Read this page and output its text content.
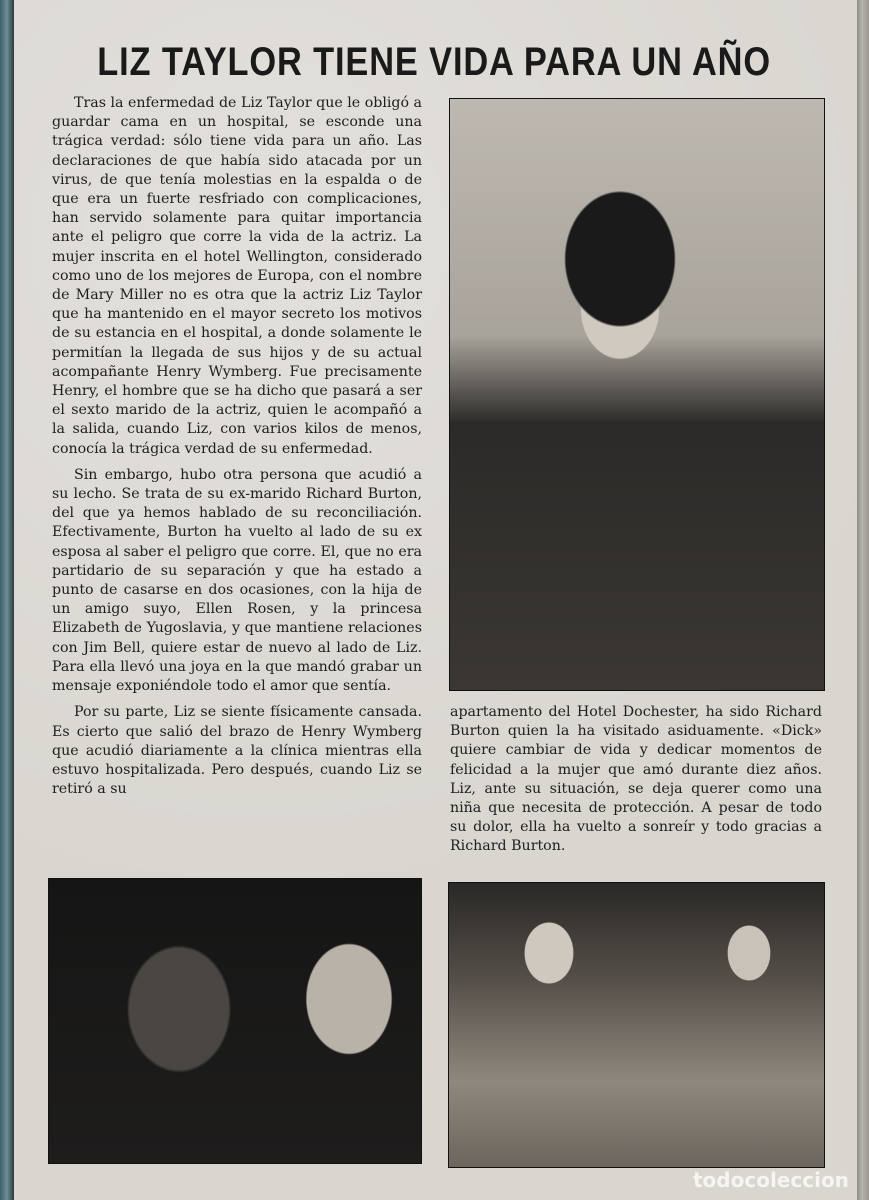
LIZ TAYLOR TIENE VIDA PARA UN AÑO

Tras la enfermedad de Liz Taylor que le obligó a guardar cama en un hospital, se esconde una trágica verdad: sólo tiene vida para un año. Las declaraciones de que había sido atacada por un virus, de que tenía molestias en la espalda o de que era un fuerte resfriado con complicaciones, han servido solamente para quitar importancia ante el peligro que corre la vida de la actriz. La mujer inscrita en el hotel Wellington, considerado como uno de los mejores de Europa, con el nombre de Mary Miller no es otra que la actriz Liz Taylor que ha mantenido en el mayor secreto los motivos de su estancia en el hospital, a donde solamente le permitían la llegada de sus hijos y de su actual acompañante Henry Wymberg. Fue precisamente Henry, el hombre que se ha dicho que pasará a ser el sexto marido de la actriz, quien le acompañó a la salida, cuando Liz, con varios kilos de menos, conocía la trágica verdad de su enfermedad.

Sin embargo, hubo otra persona que acudió a su lecho. Se trata de su ex-marido Richard Burton, del que ya hemos hablado de su reconciliación. Efectivamente, Burton ha vuelto al lado de su ex esposa al saber el peligro que corre. El, que no era partidario de su separación y que ha estado a punto de casarse en dos ocasiones, con la hija de un amigo suyo, Ellen Rosen, y la princesa Elizabeth de Yugoslavia, y que mantiene relaciones con Jim Bell, quiere estar de nuevo al lado de Liz. Para ella llevó una joya en la que mandó grabar un mensaje exponiéndole todo el amor que sentía.

Por su parte, Liz se siente físicamente cansada. Es cierto que salió del brazo de Henry Wymberg que acudió diariamente a la clínica mientras ella estuvo hospitalizada. Pero después, cuando Liz se retiró a su

apartamento del Hotel Dochester, ha sido Richard Burton quien la ha visitado asiduamente. «Dick» quiere cambiar de vida y dedicar momentos de felicidad a la mujer que amó durante diez años. Liz, ante su situación, se deja querer como una niña que necesita de protección. A pesar de todo su dolor, ella ha vuelto a sonreír y todo gracias a Richard Burton.

todocoleccion
